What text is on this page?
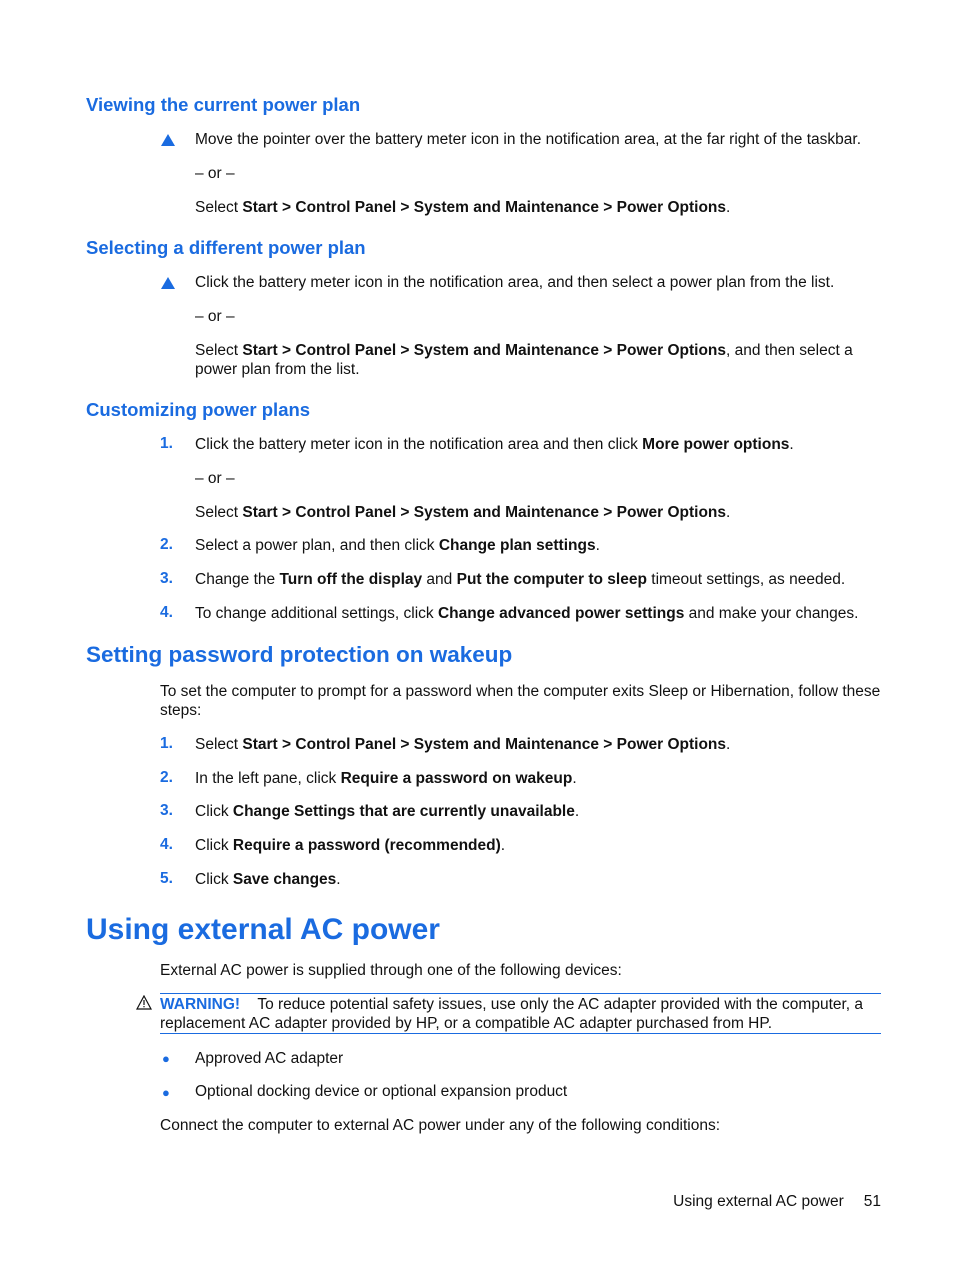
Viewing the current power plan

Move the pointer over the battery meter icon in the notification area, at the far right of the taskbar.

– or –

Select Start > Control Panel > System and Maintenance > Power Options.

Selecting a different power plan

Click the battery meter icon in the notification area, and then select a power plan from the list.

– or –

Select Start > Control Panel > System and Maintenance > Power Options, and then select a power plan from the list.

Customizing power plans
1. Click the battery meter icon in the notification area and then click More power options.

– or –

Select Start > Control Panel > System and Maintenance > Power Options.

2. Select a power plan, and then click Change plan settings.

3. Change the Turn off the display and Put the computer to sleep timeout settings, as needed.

4. To change additional settings, click Change advanced power settings and make your changes.

Setting password protection on wakeup

To set the computer to prompt for a password when the computer exits Sleep or Hibernation, follow these steps:

1. Select Start > Control Panel > System and Maintenance > Power Options.

2. In the left pane, click Require a password on wakeup.

3. Click Change Settings that are currently unavailable.

4. Click Require a password (recommended).

5. Click Save changes.

Using external AC power

External AC power is supplied through one of the following devices:

WARNING! To reduce potential safety issues, use only the AC adapter provided with the computer, a replacement AC adapter provided by HP, or a compatible AC adapter purchased from HP.

● Approved AC adapter

● Optional docking device or optional expansion product

Connect the computer to external AC power under any of the following conditions:

Using external AC power 51
